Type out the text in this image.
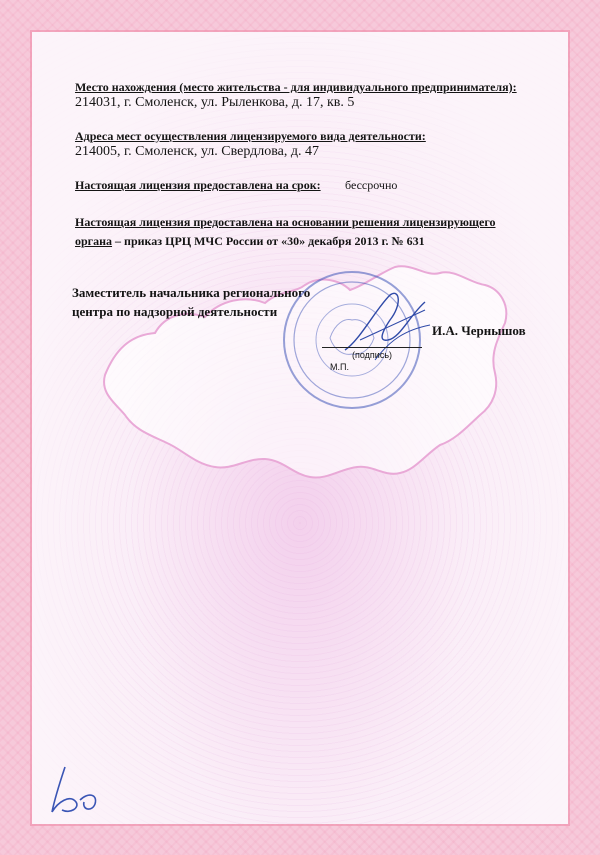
Место нахождения (место жительства - для индивидуального предпринимателя):
214031, г. Смоленск, ул. Рыленкова, д. 17, кв. 5
Адреса мест осуществления лицензируемого вида деятельности:
214005, г. Смоленск, ул. Свердлова, д. 47
Настоящая лицензия предоставлена на срок: бессрочно
Настоящая лицензия предоставлена на основании решения лицензирующего
органа – приказ ЦРЦ МЧС России от «30» декабря 2013 г. № 631
Заместитель начальника регионального
центра по надзорной деятельности
(подпись)
М.П.
И.А. Чернышов
